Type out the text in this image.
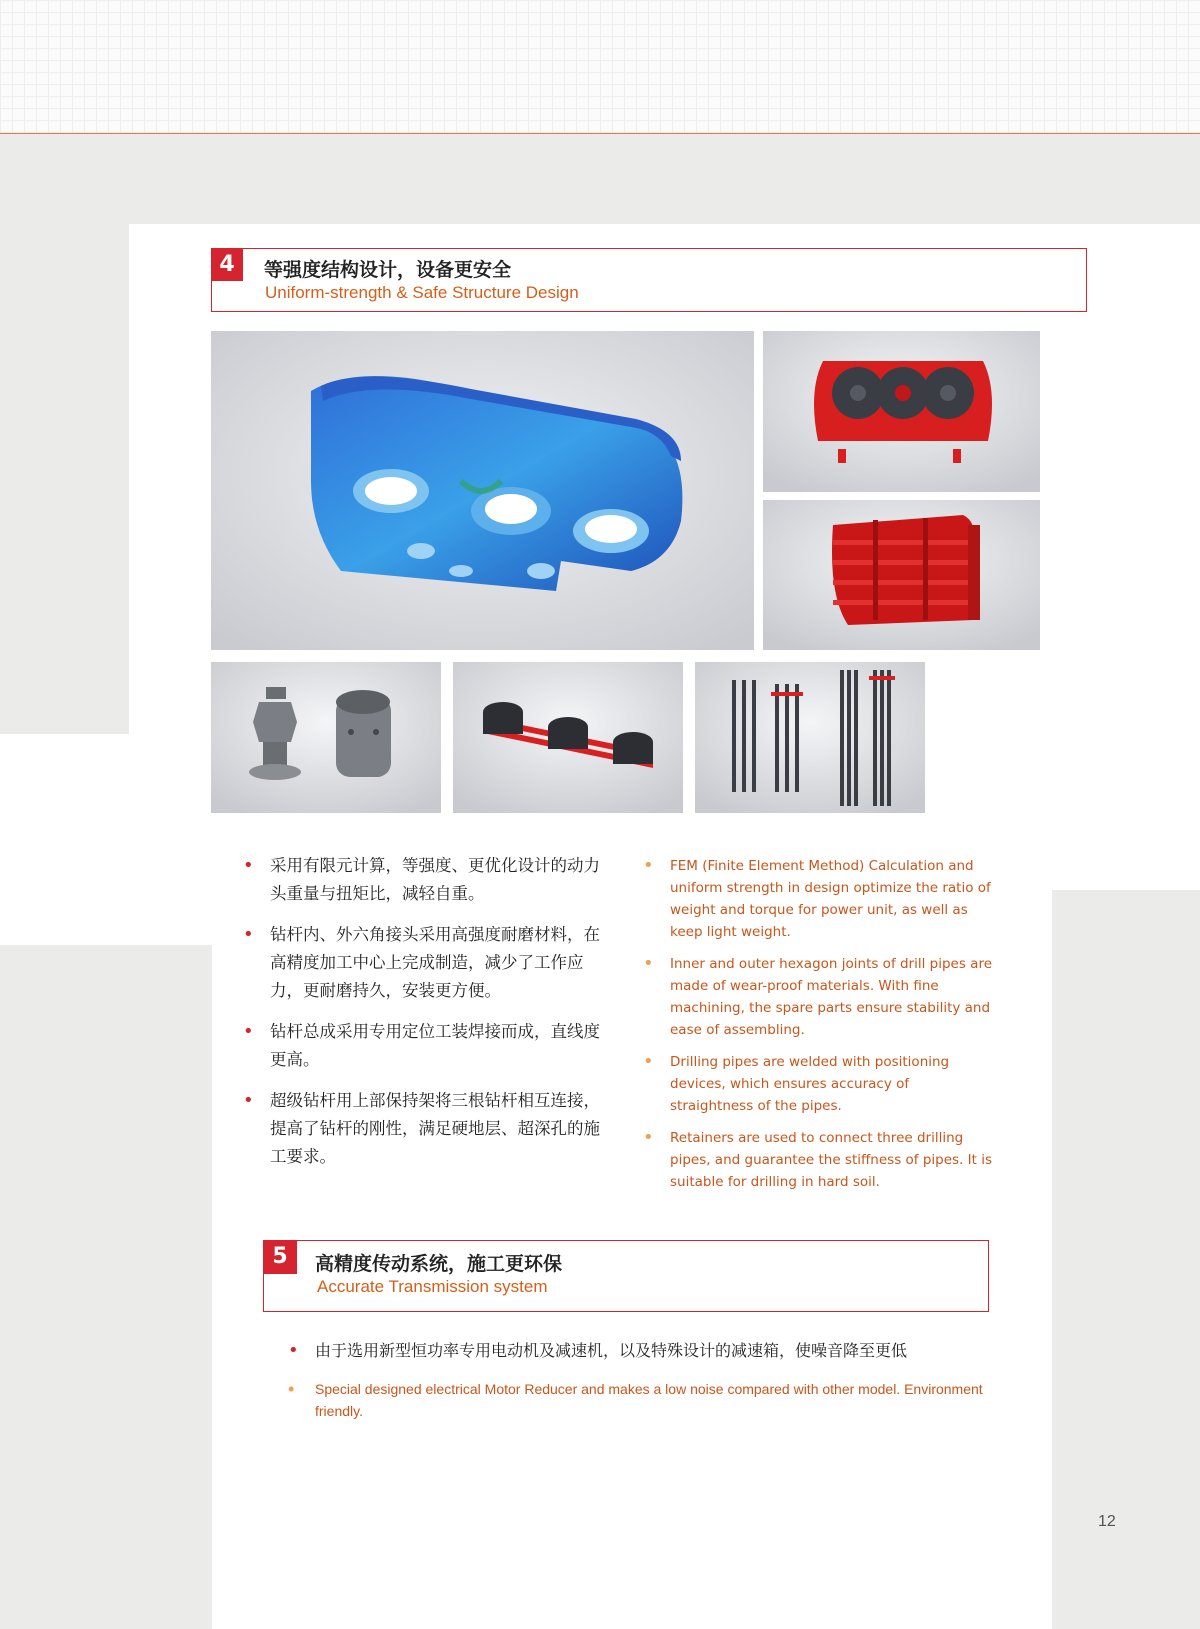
4	等强度结构设计，设备更安全
Uniform-strength & Safe Structure Design
• 采用有限元计算，等强度、更优化设计的动力头重量与扭矩比，减轻自重。
• 钻杆内、外六角接头采用高强度耐磨材料，在高精度加工中心上完成制造，减少了工作应力，更耐磨持久，安装更方便。
• 钻杆总成采用专用定位工装焊接而成，直线度更高。
• 超级钻杆用上部保持架将三根钻杆相互连接，提高了钻杆的刚性，满足硬地层、超深孔的施工要求。
• FEM (Finite Element Method) Calculation and uniform strength in design optimize the ratio of weight and torque for power unit, as well as keep light weight.
• Inner and outer hexagon joints of drill pipes are made of wear-proof materials. With fine machining, the spare parts ensure stability and ease of assembling.
• Drilling pipes are welded with positioning devices, which ensures accuracy of straightness of the pipes.
• Retainers are used to connect three drilling pipes, and guarantee the stiffness of pipes. It is suitable for drilling in hard soil.
5	高精度传动系统，施工更环保
Accurate Transmission system
• 由于选用新型恒功率专用电动机及减速机，以及特殊设计的减速箱，使噪音降至更低
• Special designed electrical Motor Reducer and makes a low noise compared with other model. Environment friendly.
12
